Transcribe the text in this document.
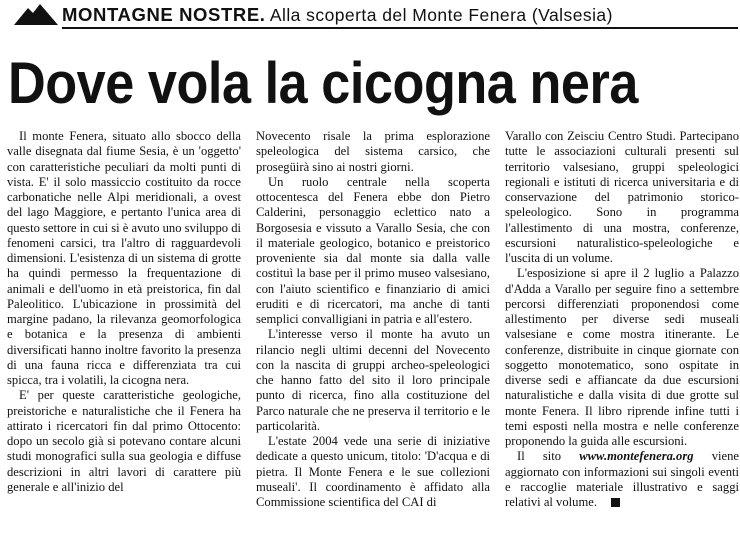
MONTAGNE NOSTRE. Alla scoperta del Monte Fenera (Valsesia)
Dove vola la cicogna nera

Il monte Fenera, situato allo sbocco della valle disegnata dal fiume Sesia, è un 'oggetto' con caratteristiche peculiari da molti punti di vista. E' il solo massiccio costituito da rocce carbonatiche nelle Alpi meridionali, a ovest del lago Maggiore, e pertanto l'unica area di questo settore in cui si è avuto uno sviluppo di fenomeni carsici, tra l'altro di ragguardevoli dimensioni. L'esistenza di un sistema di grotte ha quindi permesso la frequentazione di animali e dell'uomo in età preistorica, fin dal Paleolitico. L'ubicazione in prossimità del margine padano, la rilevanza geomorfologica e botanica e la presenza di ambienti diversificati hanno inoltre favorito la presenza di una fauna ricca e differenziata tra cui spicca, tra i volatili, la cicogna nera.

E' per queste caratteristiche geologiche, preistoriche e naturalistiche che il Fenera ha attirato i ricercatori fin dal primo Ottocento: dopo un secolo già si potevano contare alcuni studi monografici sulla sua geologia e diffuse descrizioni in altri lavori di carattere più generale e all'inizio del

Novecento risale la prima esplorazione speleologica del sistema carsico, che prosegüirà sino ai nostri giorni.

Un ruolo centrale nella scoperta ottocentesca del Fenera ebbe don Pietro Calderini, personaggio eclettico nato a Borgosesia e vissuto a Varallo Sesia, che con il materiale geologico, botanico e preistorico proveniente sia dal monte sia dalla valle costituì la base per il primo museo valsesiano, con l'aiuto scientifico e finanziario di amici eruditi e di ricercatori, ma anche di tanti semplici convalligiani in patria e all'estero.

L'interesse verso il monte ha avuto un rilancio negli ultimi decenni del Novecento con la nascita di gruppi archeo-speleologici che hanno fatto del sito il loro principale punto di ricerca, fino alla costituzione del Parco naturale che ne preserva il territorio e le particolarità.

L'estate 2004 vede una serie di iniziative dedicate a questo unicum, titolo: 'D'acqua e di pietra. Il Monte Fenera e le sue collezioni museali'. Il coordinamento è affidato alla Commissione scientifica del CAI di

Varallo con Zeisciu Centro Studi. Partecipano tutte le associazioni culturali presenti sul territorio valsesiano, gruppi speleologici regionali e istituti di ricerca universitaria e di conservazione del patrimonio storico-speleologico. Sono in programma l'allestimento di una mostra, conferenze, escursioni naturalistico-speleologiche e l'uscita di un volume.

L'esposizione si apre il 2 luglio a Palazzo d'Adda a Varallo per seguire fino a settembre percorsi differenziati proponendosi come allestimento per diverse sedi museali valsesiane e come mostra itinerante. Le conferenze, distribuite in cinque giornate con soggetto monotematico, sono ospitate in diverse sedi e affiancate da due escursioni naturalistiche e dalla visita di due grotte sul monte Fenera. Il libro riprende infine tutti i temi esposti nella mostra e nelle conferenze proponendo la guida alle escursioni.

Il sito www.montefenera.org viene aggiornato con informazioni sui singoli eventi e raccoglie materiale illustrativo e saggi relativi al volume.
